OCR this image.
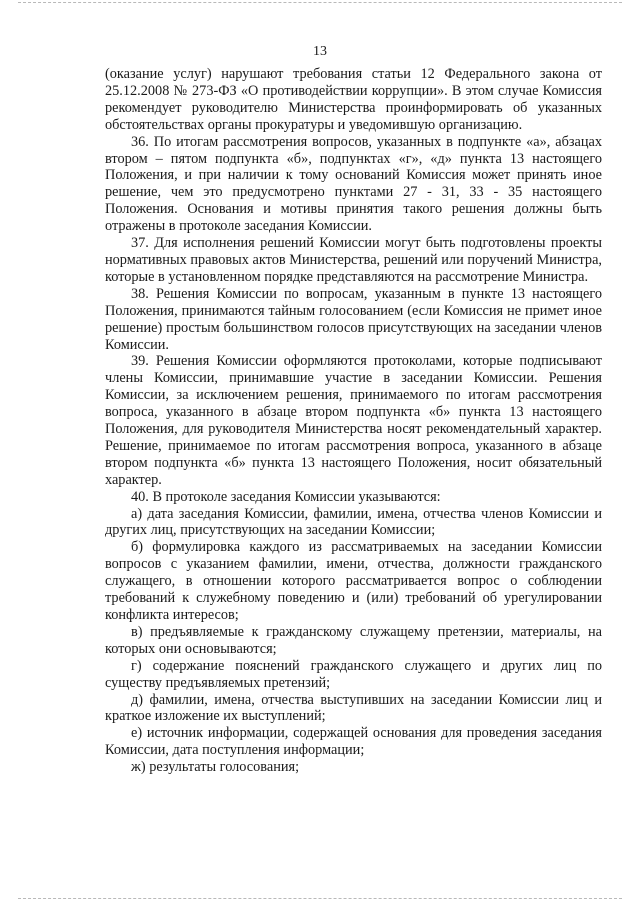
13

(оказание услуг) нарушают требования статьи 12 Федерального закона от 25.12.2008 № 273-ФЗ «О противодействии коррупции». В этом случае Комиссия рекомендует руководителю Министерства проинформировать об указанных обстоятельствах органы прокуратуры и уведомившую организацию.

36. По итогам рассмотрения вопросов, указанных в подпункте «а», абзацах втором – пятом подпункта «б», подпунктах «г», «д» пункта 13 настоящего Положения, и при наличии к тому оснований Комиссия может принять иное решение, чем это предусмотрено пунктами 27 - 31, 33 - 35 настоящего Положения. Основания и мотивы принятия такого решения должны быть отражены в протоколе заседания Комиссии.

37. Для исполнения решений Комиссии могут быть подготовлены проекты нормативных правовых актов Министерства, решений или поручений Министра, которые в установленном порядке представляются на рассмотрение Министра.

38. Решения Комиссии по вопросам, указанным в пункте 13 настоящего Положения, принимаются тайным голосованием (если Комиссия не примет иное решение) простым большинством голосов присутствующих на заседании членов Комиссии.

39. Решения Комиссии оформляются протоколами, которые подписывают члены Комиссии, принимавшие участие в заседании Комиссии. Решения Комиссии, за исключением решения, принимаемого по итогам рассмотрения вопроса, указанного в абзаце втором подпункта «б» пункта 13 настоящего Положения, для руководителя Министерства носят рекомендательный характер. Решение, принимаемое по итогам рассмотрения вопроса, указанного в абзаце втором подпункта «б» пункта 13 настоящего Положения, носит обязательный характер.

40. В протоколе заседания Комиссии указываются:

а) дата заседания Комиссии, фамилии, имена, отчества членов Комиссии и других лиц, присутствующих на заседании Комиссии;

б) формулировка каждого из рассматриваемых на заседании Комиссии вопросов с указанием фамилии, имени, отчества, должности гражданского служащего, в отношении которого рассматривается вопрос о соблюдении требований к служебному поведению и (или) требований об урегулировании конфликта интересов;

в) предъявляемые к гражданскому служащему претензии, материалы, на которых они основываются;

г) содержание пояснений гражданского служащего и других лиц по существу предъявляемых претензий;

д) фамилии, имена, отчества выступивших на заседании Комиссии лиц и краткое изложение их выступлений;

е) источник информации, содержащей основания для проведения заседания Комиссии, дата поступления информации;

ж) результаты голосования;
